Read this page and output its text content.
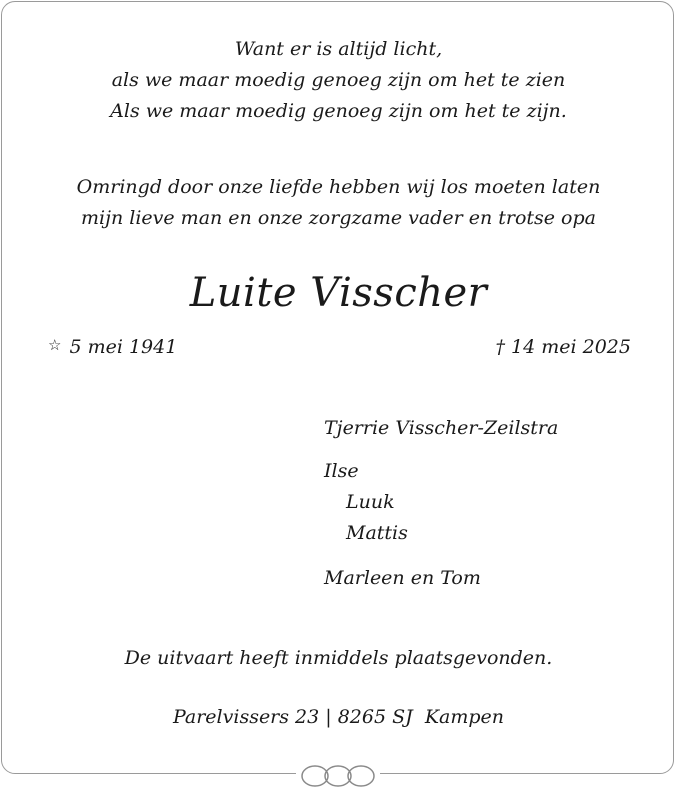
Want er is altijd licht,

als we maar moedig genoeg zijn om het te zien

Als we maar moedig genoeg zijn om het te zijn.

Omringd door onze liefde hebben wij los moeten laten

mijn lieve man en onze zorgzame vader en trotse opa

Luite Visscher
☆ 5 mei 1941	† 14 mei 2025
Tjerrie Visscher-Zeilstra
Ilse
Luuk
Mattis
Marleen en Tom
De uitvaart heeft inmiddels plaatsgevonden.
Parelvissers 23 | 8265 SJ  Kampen
